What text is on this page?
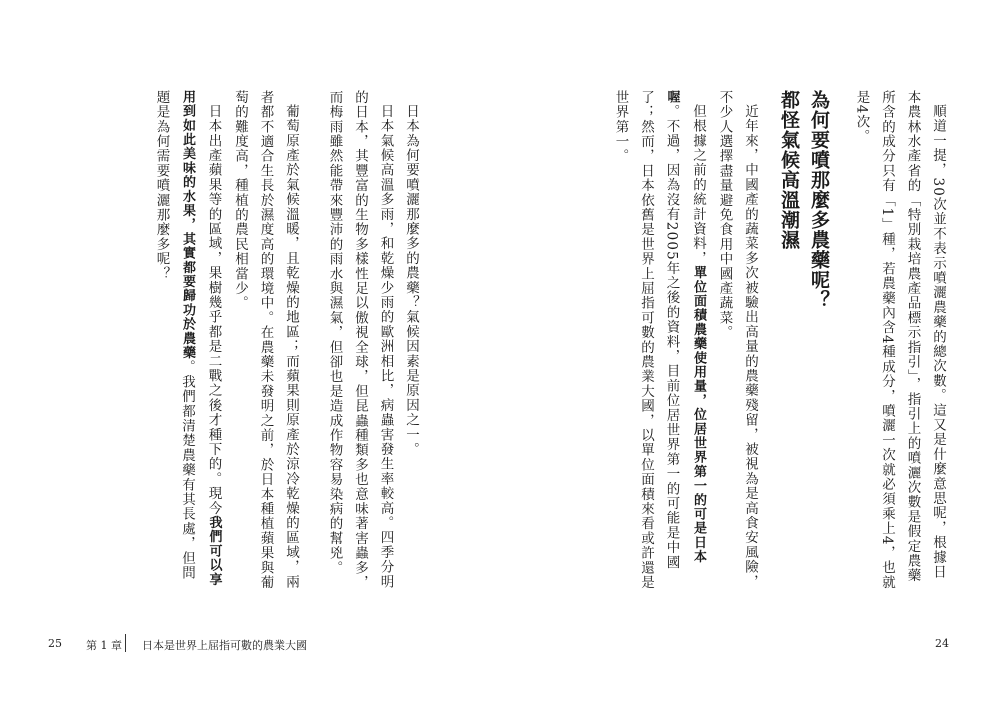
順道一提，30次並不表示噴灑農藥的總次數。這又是什麼意思呢，根據日本農林水產省的「特別栽培農產品標示指引」，指引上的噴灑次數是假定農藥所含的成分只有「1」種，若農藥內含4種成分，噴灑一次就必須乘上4，也就是4次。

為何要噴那麼多農藥呢？
都怪氣候高溫潮濕

近年來，中國產的蔬菜多次被驗出高量的農藥殘留，被視為是高食安風險，不少人選擇盡量避免食用中國產蔬菜。

但根據之前的統計資料，單位面積農藥使用量，位居世界第一的可是日本喔。不過，因為沒有2005年之後的資料，目前位居世界第一的可能是中國了；然而，日本依舊是世界上屈指可數的農業大國，以單位面積來看或許還是世界第一。

日本為何要噴灑那麼多的農藥？氣候因素是原因之一。

日本氣候高溫多雨，和乾燥少雨的歐洲相比，病蟲害發生率較高。四季分明的日本，其豐富的生物多樣性足以傲視全球，但昆蟲種類多也意味著害蟲多，而梅雨雖然能帶來豐沛的雨水與濕氣，但卻也是造成作物容易染病的幫兇。

葡萄原產於氣候溫暖，且乾燥的地區；而蘋果則原產於涼冷乾燥的區域，兩者都不適合生長於濕度高的環境中。在農藥未發明之前，於日本種植蘋果與葡萄的難度高，種植的農民相當少。

日本出產蘋果等的區域，果樹幾乎都是二戰之後才種下的。現今我們可以享用到如此美味的水果，其實都要歸功於農藥。我們都清楚農藥有其長處，但問題是為何需要噴灑那麼多呢？

25 第 1 章 日本是世界上屈指可數的農業大國	24
